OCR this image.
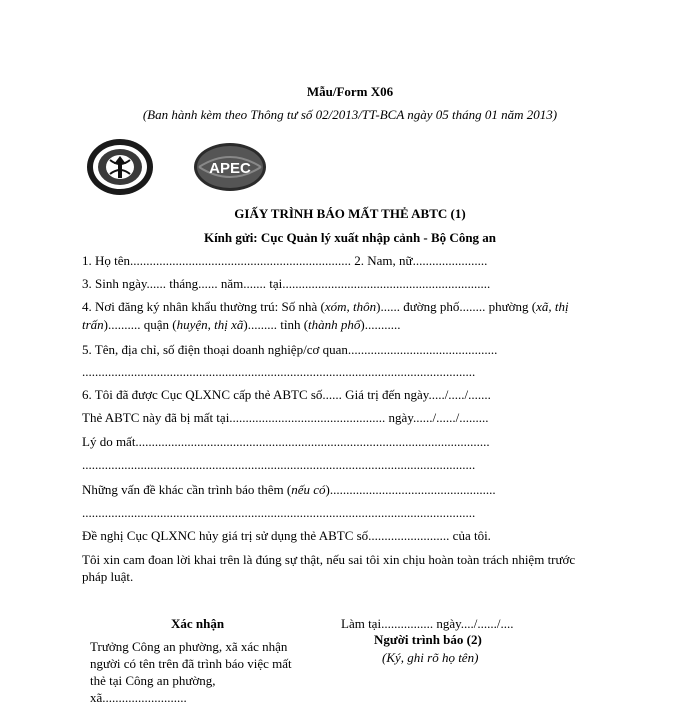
Mẫu/Form X06
(Ban hành kèm theo Thông tư số 02/2013/TT-BCA ngày 05 tháng 01 năm 2013)
APEC
GIẤY TRÌNH BÁO MẤT THẺ ABTC (1)
Kính gửi: Cục Quản lý xuất nhập cảnh - Bộ Công an
1. Họ tên.................................................................... 2. Nam, nữ.......................
3. Sinh ngày...... tháng...... năm....... tại................................................................
4. Nơi đăng ký nhân khẩu thường trú: Số nhà (xóm, thôn)...... đường phố........ phường (xã, thị
trấn).......... quận (huyện, thị xã)......... tỉnh (thành phố)...........
5. Tên, địa chỉ, số điện thoại doanh nghiệp/cơ quan..............................................
.........................................................................................................................
6. Tôi đã được Cục QLXNC cấp thẻ ABTC số...... Giá trị đến ngày...../...../.......
Thẻ ABTC này đã bị mất tại................................................ ngày....../....../.........
Lý do mất.............................................................................................................
.........................................................................................................................
Những vấn đề khác cần trình báo thêm (nếu có)...................................................
.........................................................................................................................
Đề nghị Cục QLXNC hủy giá trị sử dụng thẻ ABTC số......................... của tôi.
Tôi xin cam đoan lời khai trên là đúng sự thật, nếu sai tôi xin chịu hoàn toàn trách nhiệm trước
pháp luật.
Xác nhận
Trưởng Công an phường, xã xác nhận
người có tên trên đã trình báo việc mất
thẻ tại Công an phường,
xã..........................
Làm tại................ ngày..../....../....
Người trình báo (2)
(Ký, ghi rõ họ tên)
